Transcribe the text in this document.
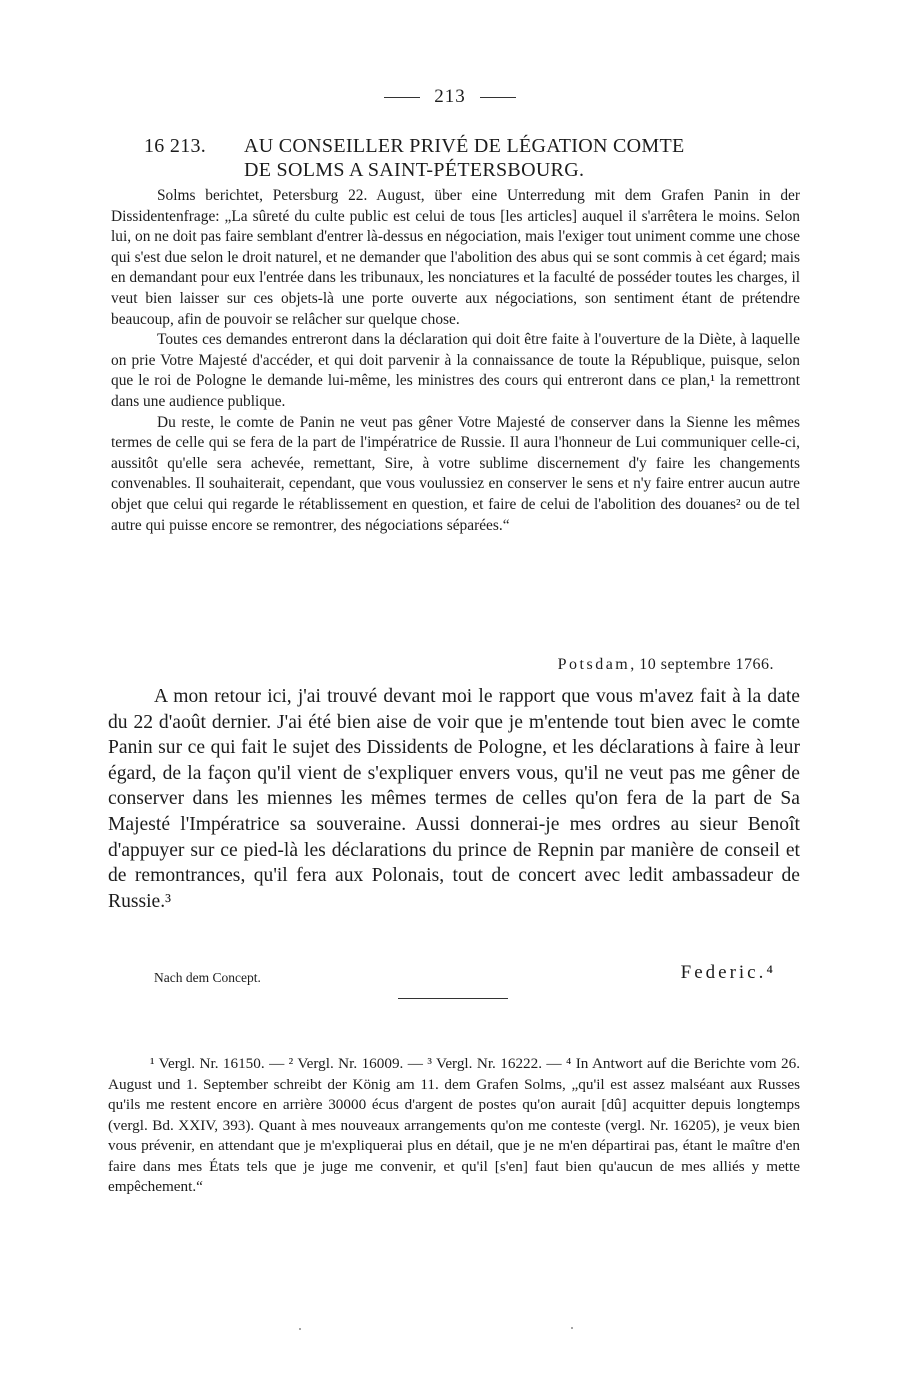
213
16 213. AU CONSEILLER PRIVÉ DE LÉGATION COMTE
DE SOLMS A SAINT-PÉTERSBOURG.

Solms berichtet, Petersburg 22. August, über eine Unterredung mit dem Grafen Panin in der Dissidentenfrage: „La sûreté du culte public est celui de tous [les articles] auquel il s'arrêtera le moins. Selon lui, on ne doit pas faire semblant d'entrer là-dessus en négociation, mais l'exiger tout uniment comme une chose qui s'est due selon le droit naturel, et ne demander que l'abolition des abus qui se sont commis à cet égard; mais en demandant pour eux l'entrée dans les tribunaux, les nonciatures et la faculté de posséder toutes les charges, il veut bien laisser sur ces objets-là une porte ouverte aux négociations, son sentiment étant de prétendre beaucoup, afin de pouvoir se relâcher sur quelque chose.

Toutes ces demandes entreront dans la déclaration qui doit être faite à l'ouverture de la Diète, à laquelle on prie Votre Majesté d'accéder, et qui doit parvenir à la connaissance de toute la République, puisque, selon que le roi de Pologne le demande lui-même, les ministres des cours qui entreront dans ce plan,¹ la remettront dans une audience publique.

Du reste, le comte de Panin ne veut pas gêner Votre Majesté de conserver dans la Sienne les mêmes termes de celle qui se fera de la part de l'impératrice de Russie. Il aura l'honneur de Lui communiquer celle-ci, aussitôt qu'elle sera achevée, remettant, Sire, à votre sublime discernement d'y faire les changements convenables. Il souhaiterait, cependant, que vous voulussiez en conserver le sens et n'y faire entrer aucun autre objet que celui qui regarde le rétablissement en question, et faire de celui de l'abolition des douanes² ou de tel autre qui puisse encore se remontrer, des négociations séparées.“

Potsdam, 10 septembre 1766.

A mon retour ici, j'ai trouvé devant moi le rapport que vous m'avez fait à la date du 22 d'août dernier. J'ai été bien aise de voir que je m'entende tout bien avec le comte Panin sur ce qui fait le sujet des Dissidents de Pologne, et les déclarations à faire à leur égard, de la façon qu'il vient de s'expliquer envers vous, qu'il ne veut pas me gêner de conserver dans les miennes les mêmes termes de celles qu'on fera de la part de Sa Majesté l'Impératrice sa souveraine. Aussi donnerai-je mes ordres au sieur Benoît d'appuyer sur ce pied-là les déclarations du prince de Repnin par manière de conseil et de remontrances, qu'il fera aux Polonais, tout de concert avec ledit ambassadeur de Russie.³

Nach dem Concept.	Federic.⁴

¹ Vergl. Nr. 16150. — ² Vergl. Nr. 16009. — ³ Vergl. Nr. 16222. — ⁴ In Antwort auf die Berichte vom 26. August und 1. September schreibt der König am 11. dem Grafen Solms, „qu'il est assez malséant aux Russes qu'ils me restent encore en arrière 30000 écus d'argent de postes qu'on aurait [dû] acquitter depuis longtemps (vergl. Bd. XXIV, 393). Quant à mes nouveaux arrangements qu'on me conteste (vergl. Nr. 16205), je veux bien vous prévenir, en attendant que je m'expliquerai plus en détail, que je ne m'en départirai pas, étant le maître d'en faire dans mes États tels que je juge me convenir, et qu'il [s'en] faut bien qu'aucun de mes alliés y mette empêchement.“
